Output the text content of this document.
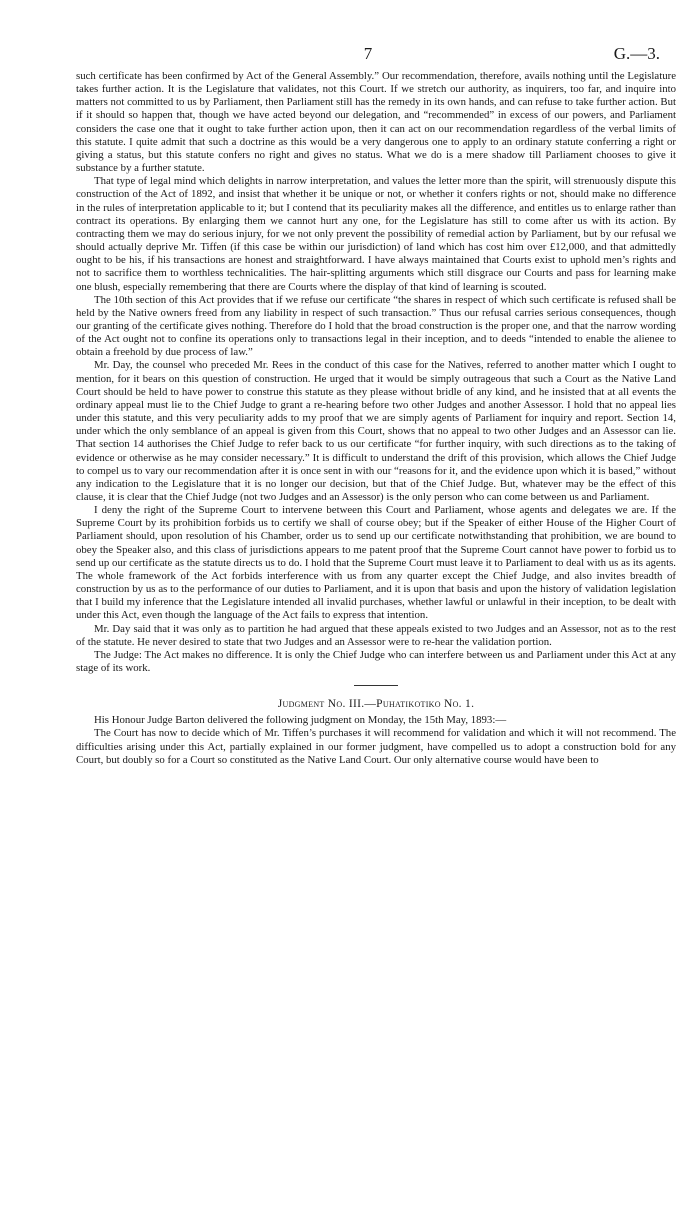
7	G.—3.

such certificate has been confirmed by Act of the General Assembly.” Our recommendation, therefore, avails nothing until the Legislature takes further action. It is the Legislature that validates, not this Court. If we stretch our authority, as inquirers, too far, and inquire into matters not committed to us by Parliament, then Parliament still has the remedy in its own hands, and can refuse to take further action. But if it should so happen that, though we have acted beyond our delegation, and “recommended” in excess of our powers, and Parliament considers the case one that it ought to take further action upon, then it can act on our recommendation regardless of the verbal limits of this statute. I quite admit that such a doctrine as this would be a very dangerous one to apply to an ordinary statute conferring a right or giving a status, but this statute confers no right and gives no status. What we do is a mere shadow till Parliament chooses to give it substance by a further statute.

That type of legal mind which delights in narrow interpretation, and values the letter more than the spirit, will strenuously dispute this construction of the Act of 1892, and insist that whether it be unique or not, or whether it confers rights or not, should make no difference in the rules of interpretation applicable to it; but I contend that its peculiarity makes all the difference, and entitles us to enlarge rather than contract its operations. By enlarging them we cannot hurt any one, for the Legislature has still to come after us with its action. By contracting them we may do serious injury, for we not only prevent the possibility of remedial action by Parliament, but by our refusal we should actually deprive Mr. Tiffen (if this case be within our jurisdiction) of land which has cost him over £12,000, and that admittedly ought to be his, if his transactions are honest and straightforward. I have always maintained that Courts exist to uphold men’s rights and not to sacrifice them to worthless technicalities. The hair-splitting arguments which still disgrace our Courts and pass for learning make one blush, especially remembering that there are Courts where the display of that kind of learning is scouted.

The 10th section of this Act provides that if we refuse our certificate “the shares in respect of which such certificate is refused shall be held by the Native owners freed from any liability in respect of such transaction.” Thus our refusal carries serious consequences, though our granting of the certificate gives nothing. Therefore do I hold that the broad construction is the proper one, and that the narrow wording of the Act ought not to confine its operations only to transactions legal in their inception, and to deeds “intended to enable the alienee to obtain a freehold by due process of law.”

Mr. Day, the counsel who preceded Mr. Rees in the conduct of this case for the Natives, referred to another matter which I ought to mention, for it bears on this question of construction. He urged that it would be simply outrageous that such a Court as the Native Land Court should be held to have power to construe this statute as they please without bridle of any kind, and he insisted that at all events the ordinary appeal must lie to the Chief Judge to grant a re-hearing before two other Judges and another Assessor. I hold that no appeal lies under this statute, and this very peculiarity adds to my proof that we are simply agents of Parliament for inquiry and report. Section 14, under which the only semblance of an appeal is given from this Court, shows that no appeal to two other Judges and an Assessor can lie. That section 14 authorises the Chief Judge to refer back to us our certificate “for further inquiry, with such directions as to the taking of evidence or otherwise as he may consider necessary.” It is difficult to understand the drift of this provision, which allows the Chief Judge to compel us to vary our recommendation after it is once sent in with our “reasons for it, and the evidence upon which it is based,” without any indication to the Legislature that it is no longer our decision, but that of the Chief Judge. But, whatever may be the effect of this clause, it is clear that the Chief Judge (not two Judges and an Assessor) is the only person who can come between us and Parliament.

I deny the right of the Supreme Court to intervene between this Court and Parliament, whose agents and delegates we are. If the Supreme Court by its prohibition forbids us to certify we shall of course obey; but if the Speaker of either House of the Higher Court of Parliament should, upon resolution of his Chamber, order us to send up our certificate notwithstanding that prohibition, we are bound to obey the Speaker also, and this class of jurisdictions appears to me patent proof that the Supreme Court cannot have power to forbid us to send up our certificate as the statute directs us to do. I hold that the Supreme Court must leave it to Parliament to deal with us as its agents. The whole framework of the Act forbids interference with us from any quarter except the Chief Judge, and also invites breadth of construction by us as to the performance of our duties to Parliament, and it is upon that basis and upon the history of validation legislation that I build my inference that the Legislature intended all invalid purchases, whether lawful or unlawful in their inception, to be dealt with under this Act, even though the language of the Act fails to express that intention.

Mr. Day said that it was only as to partition he had argued that these appeals existed to two Judges and an Assessor, not as to the rest of the statute. He never desired to state that two Judges and an Assessor were to re-hear the validation portion.

The Judge: The Act makes no difference. It is only the Chief Judge who can interfere between us and Parliament under this Act at any stage of its work.

Judgment No. III.—Puhatikotiko No. 1.

His Honour Judge Barton delivered the following judgment on Monday, the 15th May, 1893:—

The Court has now to decide which of Mr. Tiffen’s purchases it will recommend for validation and which it will not recommend. The difficulties arising under this Act, partially explained in our former judgment, have compelled us to adopt a construction bold for any Court, but doubly so for a Court so constituted as the Native Land Court. Our only alternative course would have been to
